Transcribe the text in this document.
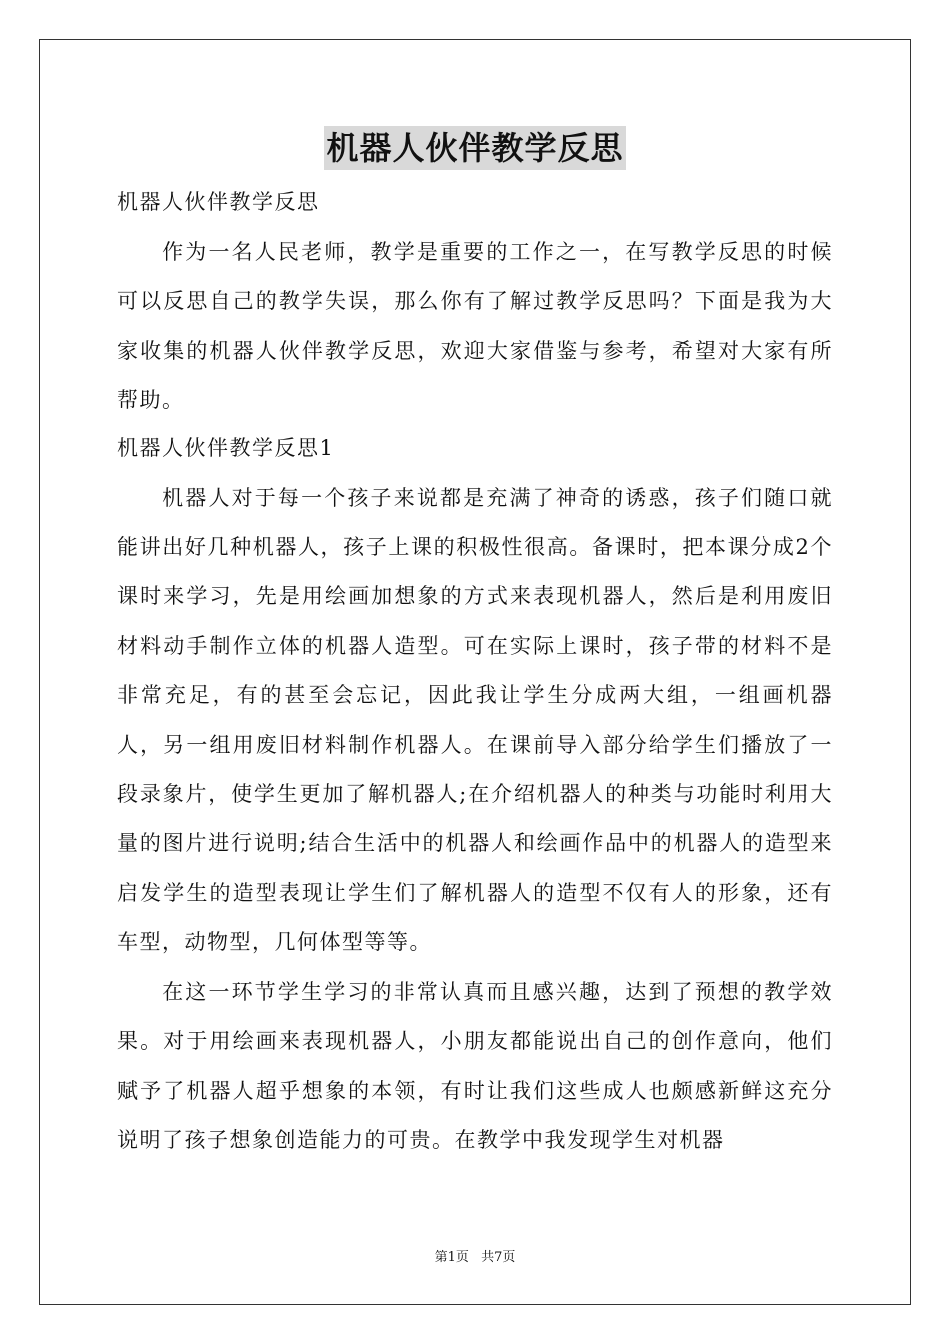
机器人伙伴教学反思

机器人伙伴教学反思

作为一名人民老师，教学是重要的工作之一，在写教学反思的时候可以反思自己的教学失误，那么你有了解过教学反思吗？下面是我为大家收集的机器人伙伴教学反思，欢迎大家借鉴与参考，希望对大家有所帮助。

机器人伙伴教学反思1

机器人对于每一个孩子来说都是充满了神奇的诱惑，孩子们随口就能讲出好几种机器人，孩子上课的积极性很高。备课时，把本课分成2个课时来学习，先是用绘画加想象的方式来表现机器人，然后是利用废旧材料动手制作立体的机器人造型。可在实际上课时，孩子带的材料不是非常充足，有的甚至会忘记，因此我让学生分成两大组，一组画机器人，另一组用废旧材料制作机器人。在课前导入部分给学生们播放了一段录象片，使学生更加了解机器人;在介绍机器人的种类与功能时利用大量的图片进行说明;结合生活中的机器人和绘画作品中的机器人的造型来启发学生的造型表现让学生们了解机器人的造型不仅有人的形象，还有车型，动物型，几何体型等等。

在这一环节学生学习的非常认真而且感兴趣，达到了预想的教学效果。对于用绘画来表现机器人，小朋友都能说出自己的创作意向，他们赋予了机器人超乎想象的本领，有时让我们这些成人也颇感新鲜这充分说明了孩子想象创造能力的可贵。在教学中我发现学生对机器

第1页 共7页
